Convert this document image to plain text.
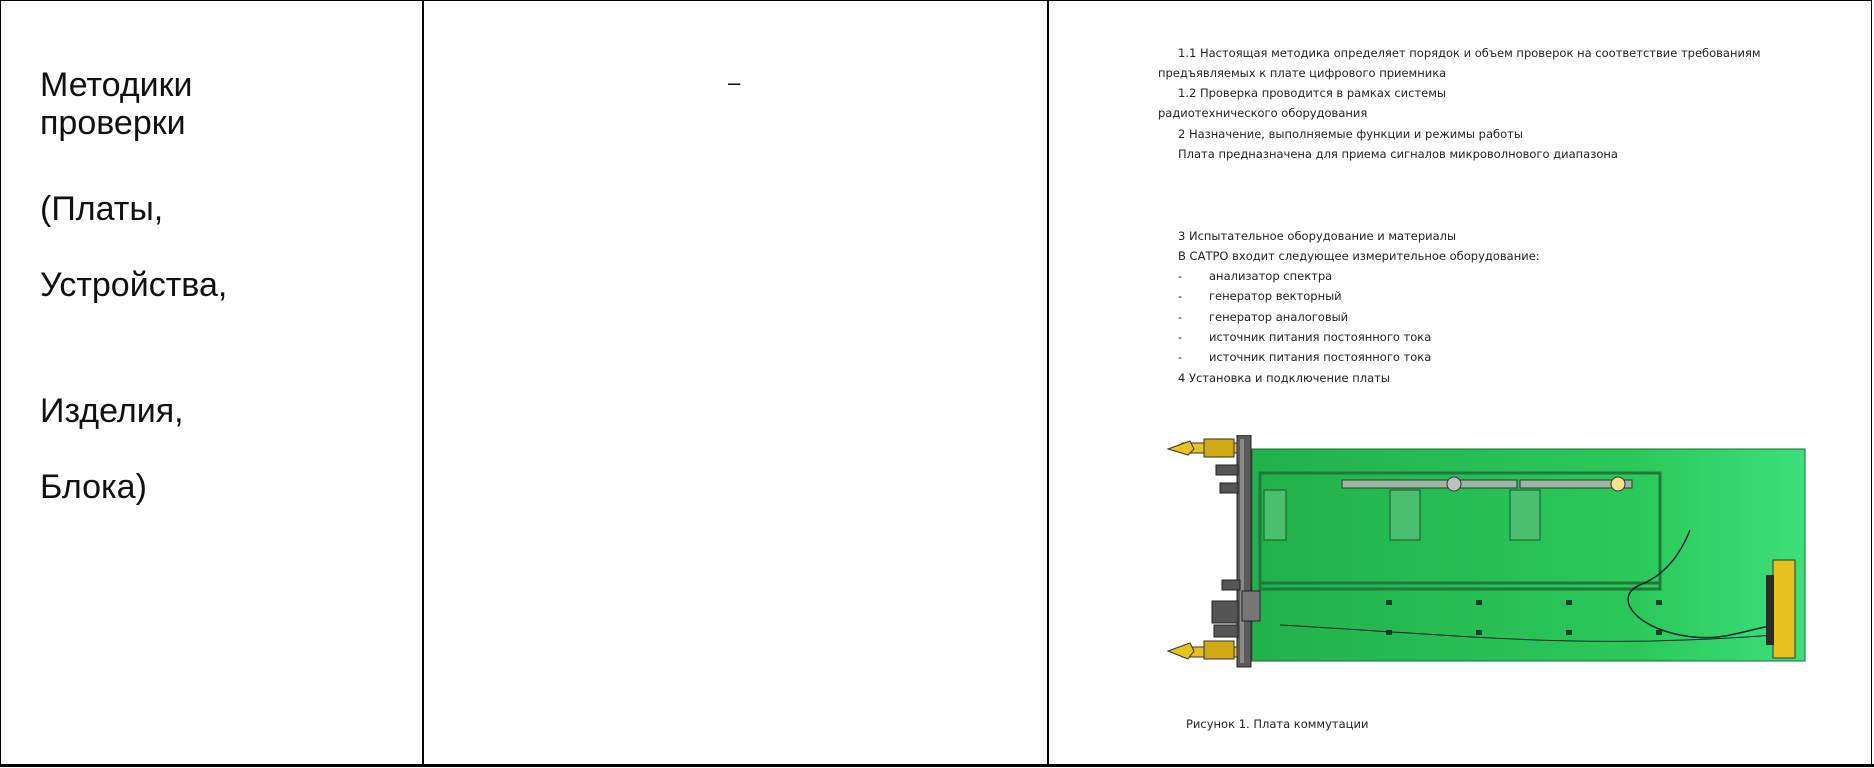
Методики
проверки
(Платы,
Устройства,
Изделия,
Блока)
–
1.1 Настоящая методика определяет порядок и объем проверок на соответствие требованиям
предъявляемых к плате цифрового приемника
1.2 Проверка проводится в рамках системы
радиотехнического оборудования
2 Назначение, выполняемые функции и режимы работы
Плата предназначена для приема сигналов микроволнового диапазона
3 Испытательное оборудование и материалы
В САТРО входит следующее измерительное оборудование:
- анализатор спектра
- генератор векторный
- генератор аналоговый
- источник питания постоянного тока
- источник питания постоянного тока
4 Установка и подключение платы
Рисунок 1. Плата коммутации
